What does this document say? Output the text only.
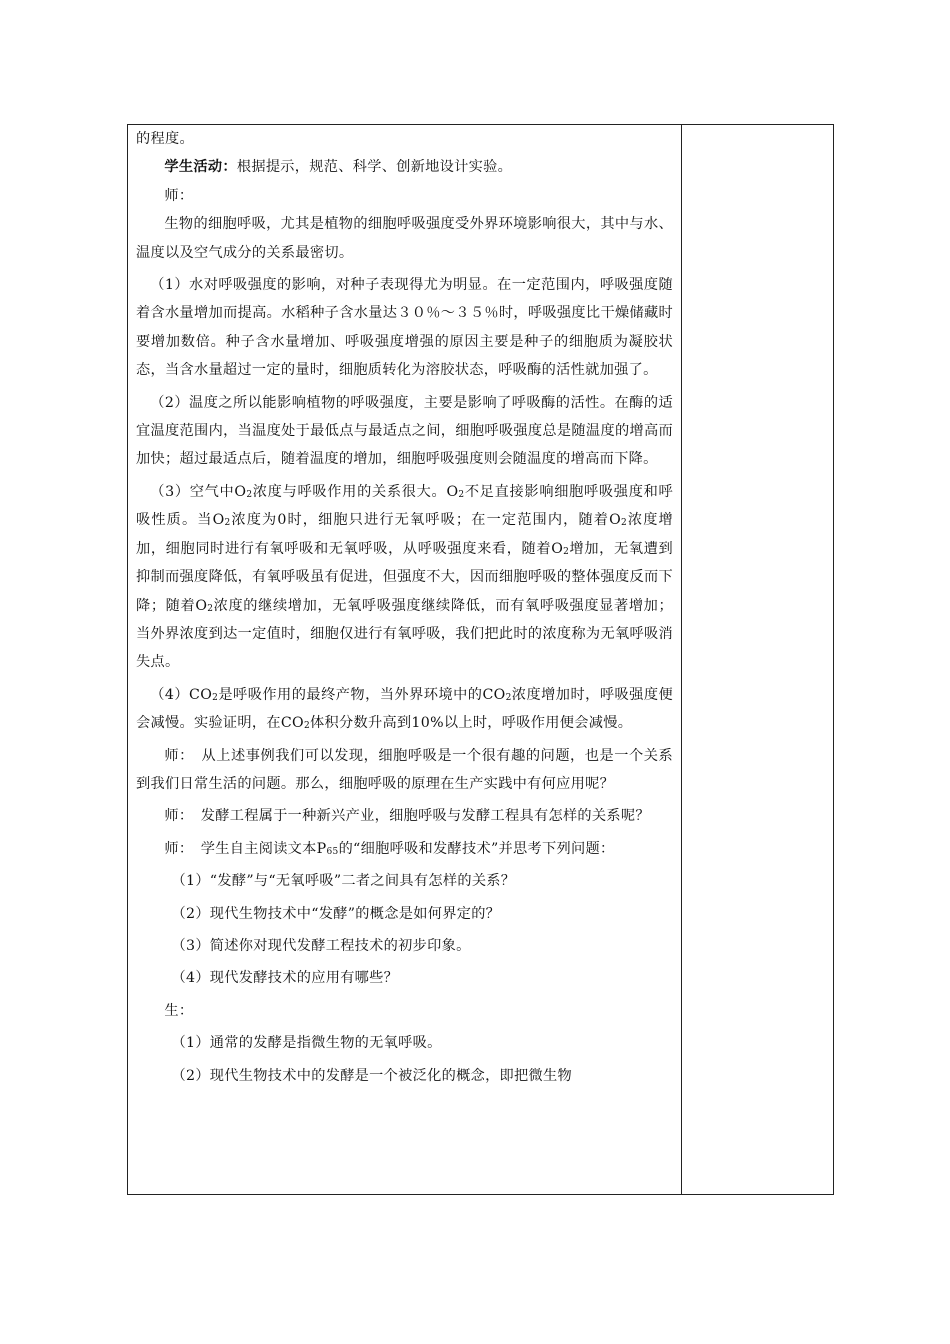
的程度。

学生活动：根据提示，规范、科学、创新地设计实验。

师：

生物的细胞呼吸，尤其是植物的细胞呼吸强度受外界环境影响很大，其中与水、温度以及空气成分的关系最密切。

（1）水对呼吸强度的影响，对种子表现得尤为明显。在一定范围内，呼吸强度随着含水量增加而提高。水稻种子含水量达３０％～３５％时，呼吸强度比干燥储藏时要增加数倍。种子含水量增加、呼吸强度增强的原因主要是种子的细胞质为凝胶状态，当含水量超过一定的量时，细胞质转化为溶胶状态，呼吸酶的活性就加强了。

（2）温度之所以能影响植物的呼吸强度，主要是影响了呼吸酶的活性。在酶的适宜温度范围内，当温度处于最低点与最适点之间，细胞呼吸强度总是随温度的增高而加快；超过最适点后，随着温度的增加，细胞呼吸强度则会随温度的增高而下降。

（3）空气中$O_2$浓度与呼吸作用的关系很大。$O_2$不足直接影响细胞呼吸强度和呼吸性质。当$O_2$浓度为0时，细胞只进行无氧呼吸；在一定范围内，随着$O_2$浓度增加，细胞同时进行有氧呼吸和无氧呼吸，从呼吸强度来看，随着$O_2$增加，无氧遭到抑制而强度降低，有氧呼吸虽有促进，但强度不大，因而细胞呼吸的整体强度反而下降；随着$O_2$浓度的继续增加，无氧呼吸强度继续降低，而有氧呼吸强度显著增加；当外界浓度到达一定值时，细胞仅进行有氧呼吸，我们把此时的浓度称为无氧呼吸消失点。

$(4)CO_2$是呼吸作用的最终产物，当外界环境中的$CO_2$浓度增加时，呼吸强度便会减慢。实验证明，在$CO_2$体积分数升高到10%以上时，呼吸作用便会减慢。

师：　从上述事例我们可以发现，细胞呼吸是一个很有趣的问题，也是一个关系到我们日常生活的问题。那么，细胞呼吸的原理在生产实践中有何应用呢？

师：　发酵工程属于一种新兴产业，细胞呼吸与发酵工程具有怎样的关系呢？

师：　学生自主阅读文本$P_{65}$的“细胞呼吸和发酵技术”并思考下列问题：

（1）“发酵”与“无氧呼吸”二者之间具有怎样的关系？

（2）现代生物技术中“发酵”的概念是如何界定的？

（3）简述你对现代发酵工程技术的初步印象。

（4）现代发酵技术的应用有哪些？

生：

（1）通常的发酵是指微生物的无氧呼吸。

（2）现代生物技术中的发酵是一个被泛化的概念，即把微生物
